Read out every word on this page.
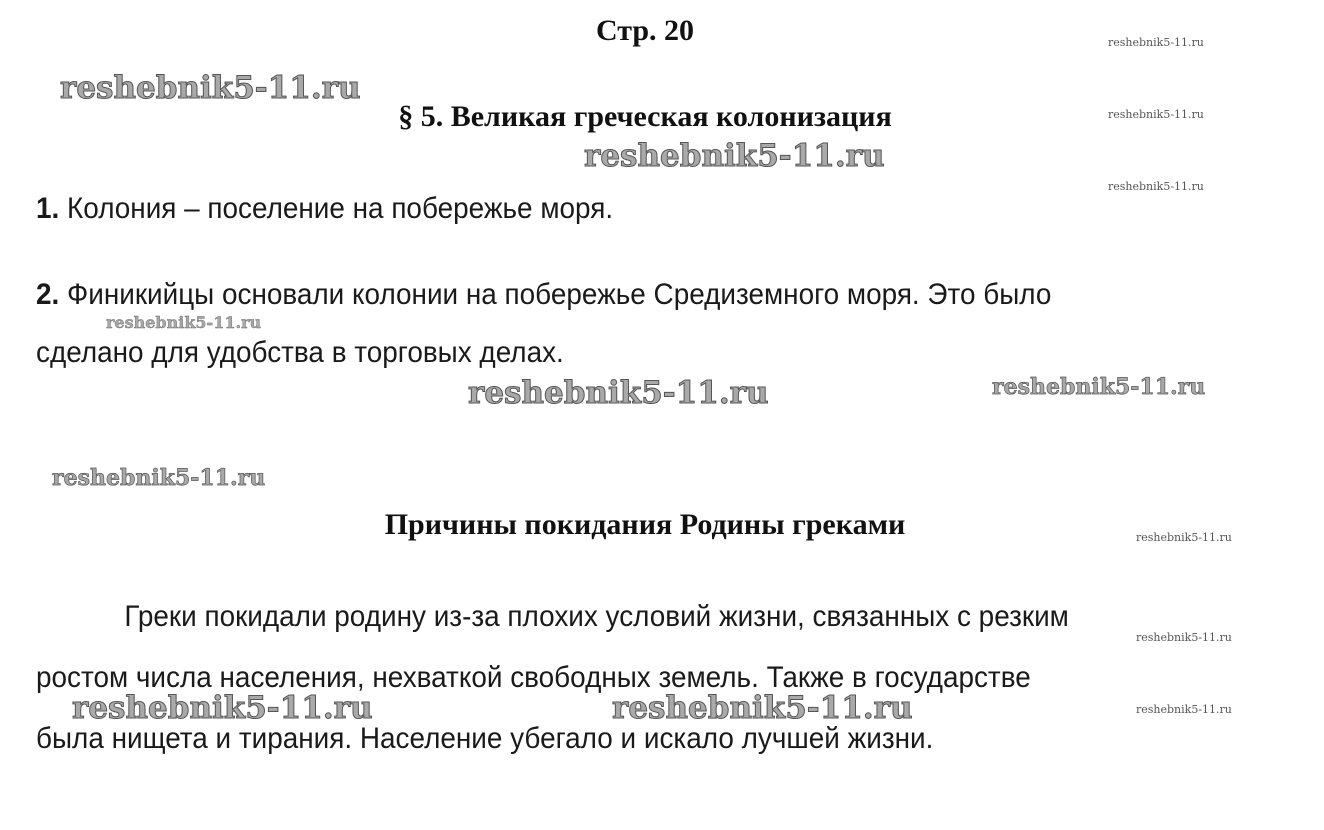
Стр. 20
§ 5. Великая греческая колонизация
1. Колония – поселение на побережье моря.
2. Финикийцы основали колонии на побережье Средиземного моря. Это было
сделано для удобства в торговых делах.
Причины покидания Родины греками
Греки покидали родину из-за плохих условий жизни, связанных с резким
ростом числа населения, нехваткой свободных земель. Также в государстве
была нищета и тирания. Население убегало и искало лучшей жизни.
reshebnik5-11.ru
reshebnik5-11.ru
reshebnik5-11.ru
reshebnik5-11.ru	reshebnik5-11.ru
reshebnik5-11.ru
reshebnik5-11.ru
reshebnik5-11.ru
reshebnik5-11.ru
reshebnik5-11.ru
reshebnik5-11.ru
reshebnik5-11.ru
reshebnik5-11.ru
reshebnik5-11.ru
